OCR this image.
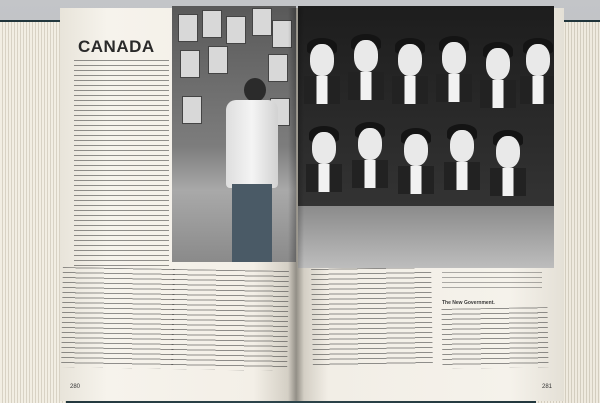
CANADA
The New Government.
280	281
